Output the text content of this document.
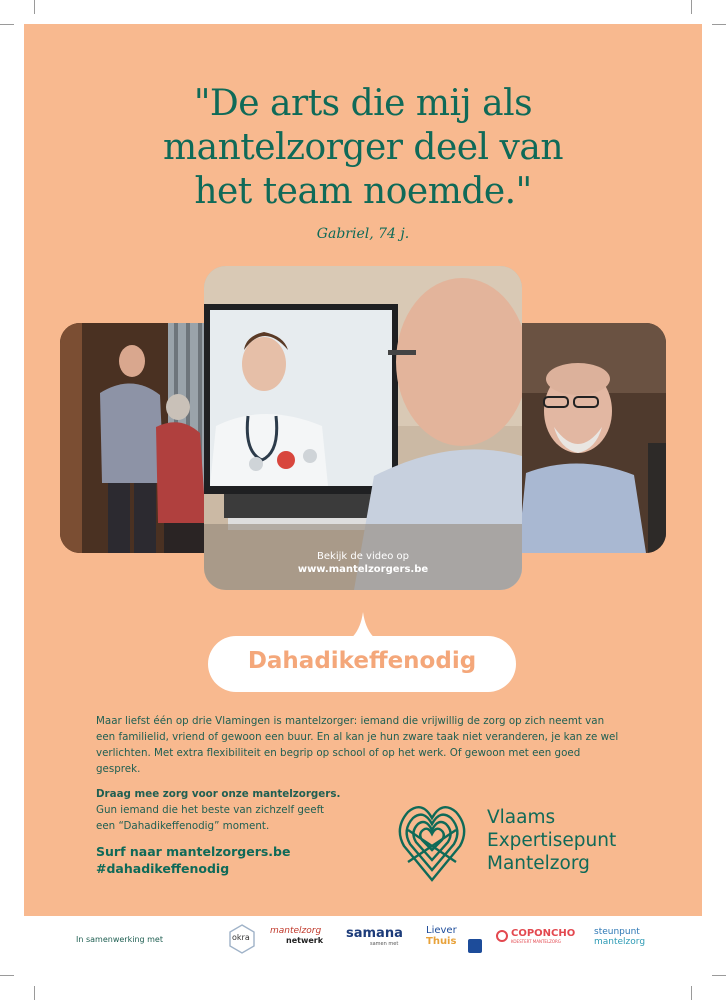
"De arts die mij als
mantelzorger deel van
het team noemde."
Gabriel, 74 j.
Bekijk de video op
www.mantelzorgers.be
Dahadikeffenodig
Maar liefst één op drie Vlamingen is mantelzorger: iemand die vrijwillig de zorg op zich neemt van een familielid, vriend of gewoon een buur. En al kan je hun zware taak niet veranderen, je kan ze wel verlichten. Met extra flexibiliteit en begrip op school of op het werk. Of gewoon met een goed gesprek.
Draag mee zorg voor onze mantelzorgers.
Gun iemand die het beste van zichzelf geeft
een “Dahadikeffenodig” moment.
Surf naar mantelzorgers.be
#dahadikeffenodig
Vlaams
Expertisepunt
Mantelzorg
In samenwerking met	okra
mantelzorg
netwerk	samana
samen met
Liever
Thuis
COPONCHO
KOESTERT MANTELZORG
steunpunt
mantelzorg
